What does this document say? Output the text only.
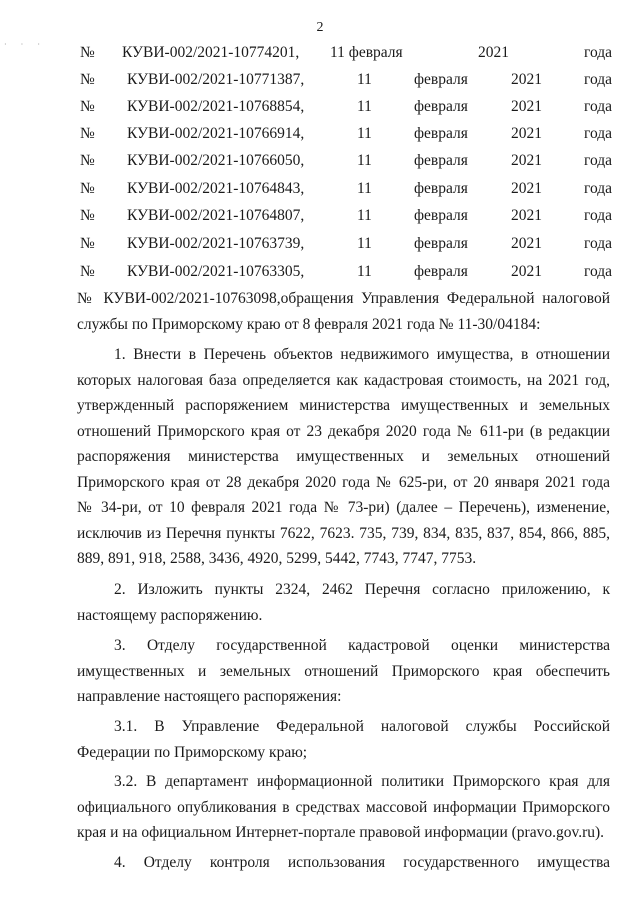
2
· · · № КУВИ-002/2021-10774201, 11 февраля	2021	года
№ КУВИ-002/2021-10771387,	11	февраля	2021	года
№ КУВИ-002/2021-10768854,	11	февраля	2021	года
№ КУВИ-002/2021-10766914,	11	февраля	2021	года
№ КУВИ-002/2021-10766050,	11	февраля	2021	года
№ КУВИ-002/2021-10764843,	11	февраля	2021	года
№ КУВИ-002/2021-10764807,	11	февраля	2021	года
№ КУВИ-002/2021-10763739,	11	февраля	2021	года
№ КУВИ-002/2021-10763305,	11	февраля	2021	года
№ КУВИ-002/2021-10763098,обращения Управления Федеральной налоговой
службы по Приморскому краю от 8 февраля 2021 года № 11-30/04184:
1. Внести в Перечень объектов недвижимого имущества, в отношении
которых налоговая база определяется как кадастровая стоимость, на 2021 год,
утвержденный распоряжением министерства имущественных и земельных
отношений Приморского края от 23 декабря 2020 года № 611-ри (в редакции
распоряжения министерства имущественных и земельных отношений
Приморского края от 28 декабря 2020 года № 625-ри, от 20 января 2021 года
№ 34-ри, от 10 февраля 2021 года № 73-ри) (далее – Перечень), изменение,
исключив из Перечня пункты 7622, 7623. 735, 739, 834, 835, 837, 854, 866, 885,
889, 891, 918, 2588, 3436, 4920, 5299, 5442, 7743, 7747, 7753.
2. Изложить пункты 2324, 2462 Перечня согласно приложению, к
настоящему распоряжению.
3. Отделу государственной кадастровой оценки министерства
имущественных и земельных отношений Приморского края обеспечить
направление настоящего распоряжения:
3.1. В Управление Федеральной налоговой службы Российской
Федерации по Приморскому краю;
3.2. В департамент информационной политики Приморского края для
официального опубликования в средствах массовой информации Приморского
края и на официальном Интернет-портале правовой информации (pravo.gov.ru).
4. Отделу контроля использования государственного имущества
